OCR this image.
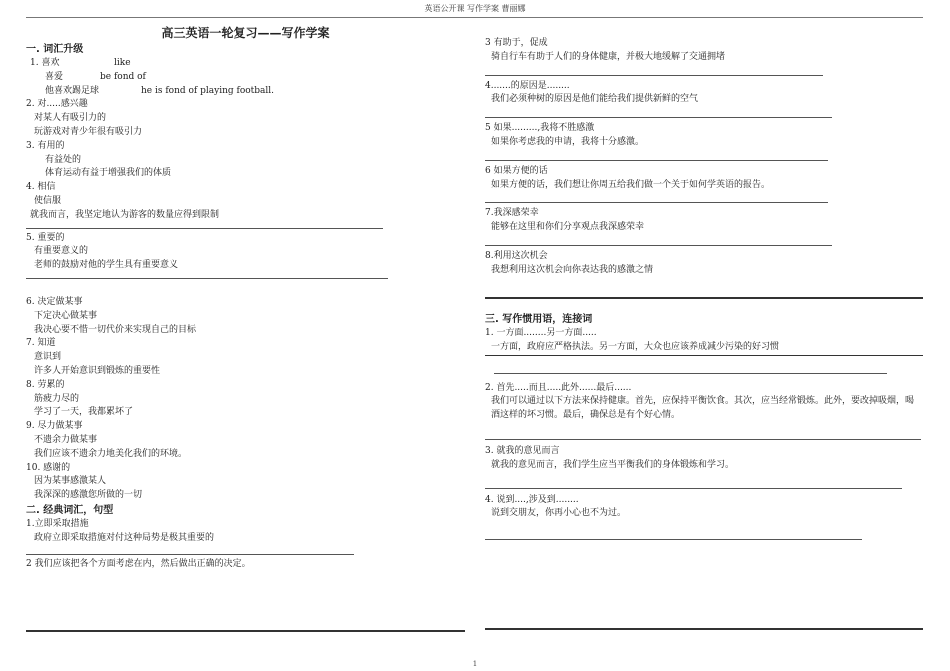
英语公开课 写作学案 曹丽娜
高三英语一轮复习——写作学案
一. 词汇升级
1. 喜欢	like
喜爱	be fond of
他喜欢踢足球	he is fond of playing football.
2. 对.....感兴趣
对某人有吸引力的
玩游戏对青少年很有吸引力
3. 有用的
有益处的
体育运动有益于增强我们的体质
4. 相信
使信服
就我而言，我坚定地认为游客的数量应得到限制
5. 重要的
有重要意义的
老师的鼓励对他的学生具有重要意义
6. 决定做某事
下定决心做某事
我决心要不惜一切代价来实现自己的目标
7. 知道
意识到
许多人开始意识到锻炼的重要性
8. 劳累的
筋疲力尽的
学习了一天，我都累坏了
9. 尽力做某事
不遗余力做某事
我们应该不遗余力地美化我们的环境。
10. 感谢的
因为某事感激某人
我深深的感激您所做的一切
二. 经典词汇，句型
1.立即采取措施
政府立即采取措施对付这种局势是极其重要的
2 我们应该把各个方面考虑在内，然后做出正确的决定。
3 有助于，促成
骑自行车有助于人们的身体健康，并极大地缓解了交通拥堵
4.......的原因是........
我们必须种树的原因是他们能给我们提供新鲜的空气
5 如果.........,我将不胜感激
如果你考虑我的申请，我将十分感激。
6 如果方便的话
如果方便的话，我们想让你周五给我们做一个关于如何学英语的报告。
7.我深感荣幸
能够在这里和你们分享观点我深感荣幸
8.利用这次机会
我想利用这次机会向你表达我的感激之情
三. 写作惯用语，连接词
1. 一方面........另一方面.....
一方面，政府应严格执法。另一方面，大众也应该养成减少污染的好习惯
2. 首先.....而且.....此外......最后......
我们可以通过以下方法来保持健康。首先，应保持平衡饮食。其次，应当经常锻炼。此外，要改掉吸烟，喝
酒这样的坏习惯。最后，确保总是有个好心情。
3. 就我的意见而言
就我的意见而言，我们学生应当平衡我们的身体锻炼和学习。
4. 说到....,涉及到........
说到交朋友，你再小心也不为过。
1
